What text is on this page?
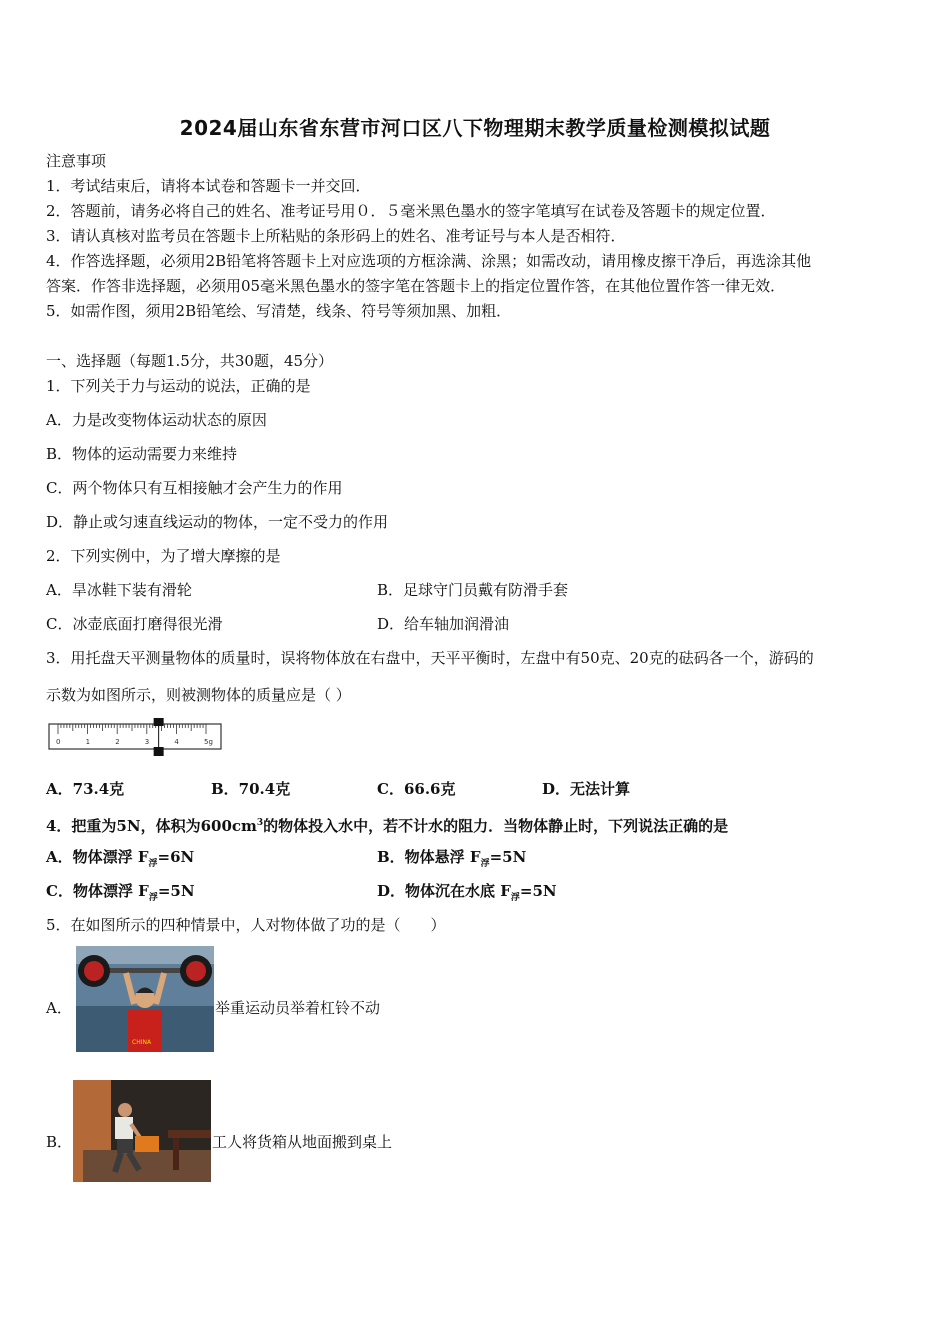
2024届山东省东营市河口区八下物理期末教学质量检测模拟试题
注意事项
1．考试结束后，请将本试卷和答题卡一并交回．
2．答题前，请务必将自己的姓名、准考证号用０．５毫米黑色墨水的签字笔填写在试卷及答题卡的规定位置．
3．请认真核对监考员在答题卡上所粘贴的条形码上的姓名、准考证号与本人是否相符．
4．作答选择题，必须用2B铅笔将答题卡上对应选项的方框涂满、涂黑；如需改动，请用橡皮擦干净后，再选涂其他
答案．作答非选择题，必须用05毫米黑色墨水的签字笔在答题卡上的指定位置作答，在其他位置作答一律无效．
5．如需作图，须用2B铅笔绘、写清楚，线条、符号等须加黑、加粗．
一、选择题（每题1.5分，共30题，45分）
1．下列关于力与运动的说法，正确的是
A．力是改变物体运动状态的原因
B．物体的运动需要力来维持
C．两个物体只有互相接触才会产生力的作用
D．静止或匀速直线运动的物体，一定不受力的作用
2．下列实例中，为了增大摩擦的是
A．旱冰鞋下装有滑轮	B．足球守门员戴有防滑手套
C．冰壶底面打磨得很光滑	D．给车轴加润滑油
3．用托盘天平测量物体的质量时，误将物体放在右盘中，天平平衡时，左盘中有50克、20克的砝码各一个，游码的
示数为如图所示，则被测物体的质量应是（ ）
0	1	2	3	4	5g
A．73.4克	B．70.4克	C．66.6克	D．无法计算
4．把重为5N，体积为$600cm^3$的物体投入水中，若不计水的阻力．当物体静止时，下列说法正确的是
A．物体漂浮 $F_浮=6N$	B．物体悬浮 $F_浮=5N$
C．物体漂浮 $F_浮=5N$	D．物体沉在水底 $F_浮=5N$
5．在如图所示的四种情景中，人对物体做了功的是（　　）
A．
CHINA
举重运动员举着杠铃不动
B．	工人将货箱从地面搬到桌上
